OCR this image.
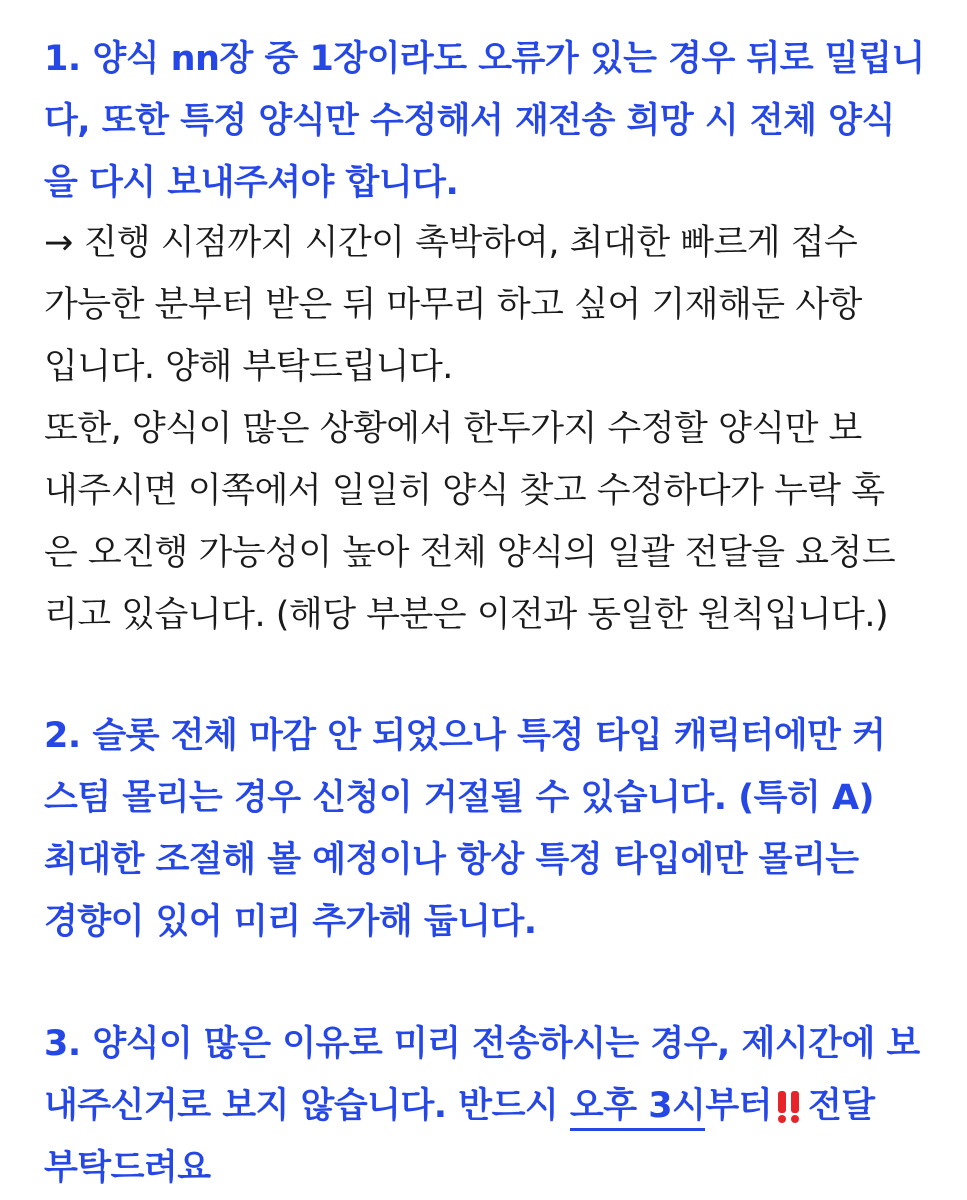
1. 양식 nn장 중 1장이라도 오류가 있는 경우 뒤로 밀립니
다, 또한 특정 양식만 수정해서 재전송 희망 시 전체 양식
을 다시 보내주셔야 합니다.
→ 진행 시점까지 시간이 촉박하여, 최대한 빠르게 접수
가능한 분부터 받은 뒤 마무리 하고 싶어 기재해둔 사항
입니다. 양해 부탁드립니다.
또한, 양식이 많은 상황에서 한두가지 수정할 양식만 보
내주시면 이쪽에서 일일히 양식 찾고 수정하다가 누락 혹
은 오진행 가능성이 높아 전체 양식의 일괄 전달을 요청드
리고 있습니다. (해당 부분은 이전과 동일한 원칙입니다.)
2. 슬롯 전체 마감 안 되었으나 특정 타입 캐릭터에만 커
스텀 몰리는 경우 신청이 거절될 수 있습니다. (특히 A)
최대한 조절해 볼 예정이나 항상 특정 타입에만 몰리는
경향이 있어 미리 추가해 둡니다.
3. 양식이 많은 이유로 미리 전송하시는 경우, 제시간에 보
내주신거로 보지 않습니다. 반드시 오후 3시부터 전달
부탁드려요
